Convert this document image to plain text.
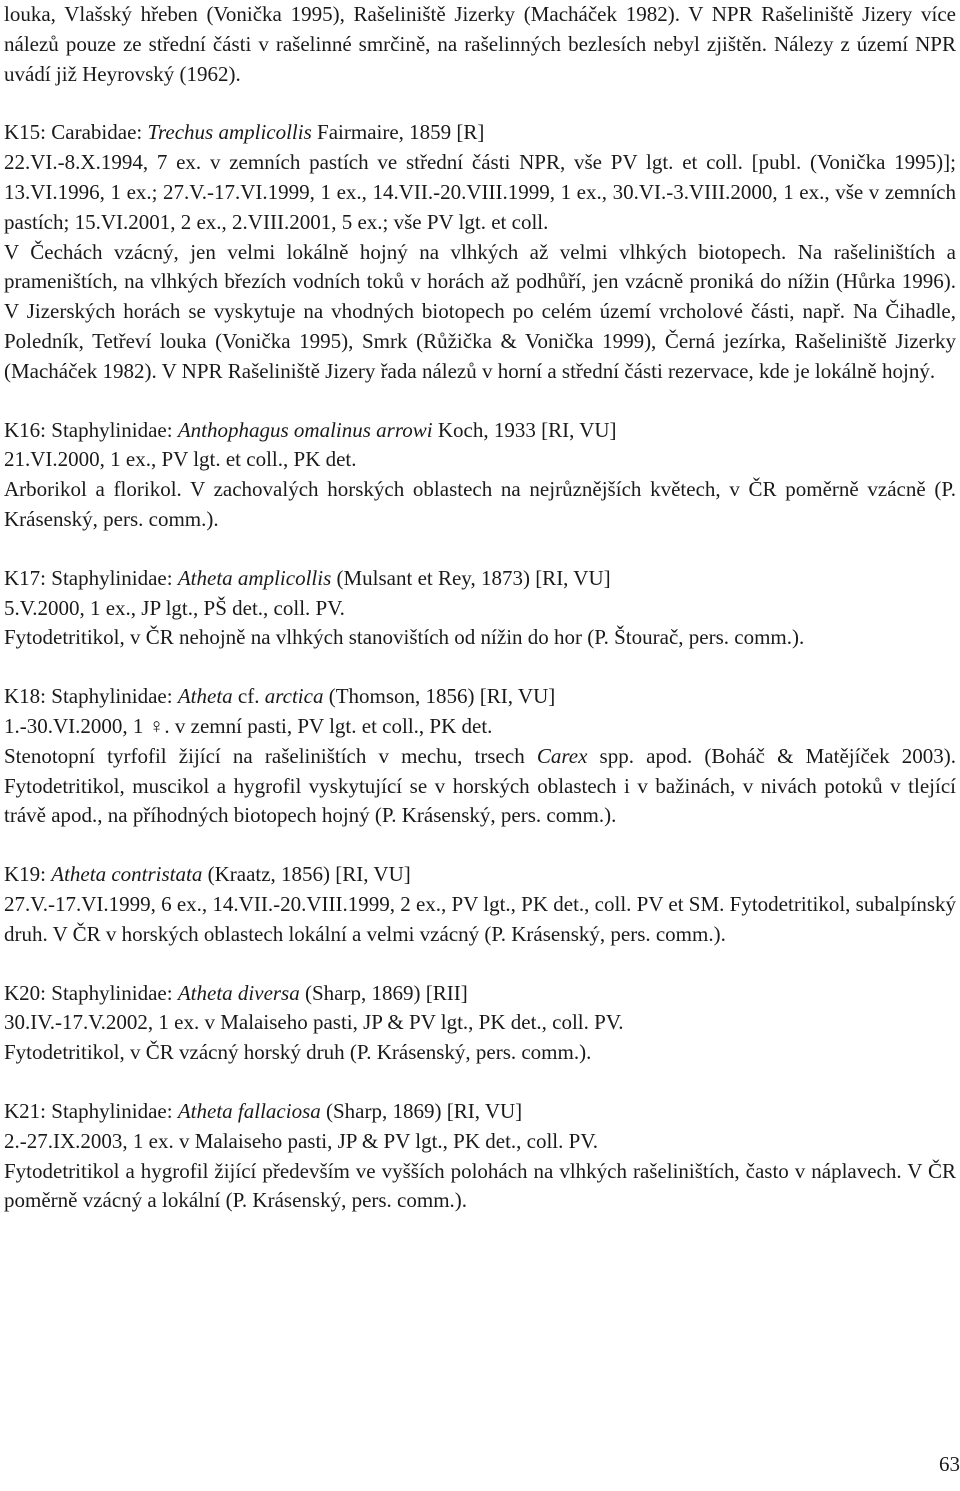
louka, Vlašský hřeben (Vonička 1995), Rašeliniště Jizerky (Macháček 1982). V NPR Rašeliniště Jizery více nálezů pouze ze střední části v rašelinné smrčině, na rašelinných bezlesích nebyl zjištěn. Nálezy z území NPR uvádí již Heyrovský (1962).

K15: Carabidae: Trechus amplicollis Fairmaire, 1859 [R]

22.VI.-8.X.1994, 7 ex. v zemních pastích ve střední části NPR, vše PV lgt. et coll. [publ. (Vonička 1995)]; 13.VI.1996, 1 ex.; 27.V.-17.VI.1999, 1 ex., 14.VII.-20.VIII.1999, 1 ex., 30.VI.-3.VIII.2000, 1 ex., vše v zemních pastích; 15.VI.2001, 2 ex., 2.VIII.2001, 5 ex.; vše PV lgt. et coll.

V Čechách vzácný, jen velmi lokálně hojný na vlhkých až velmi vlhkých biotopech. Na rašeliništích a prameništích, na vlhkých březích vodních toků v horách až podhůří, jen vzácně proniká do nížin (Hůrka 1996). V Jizerských horách se vyskytuje na vhodných biotopech po celém území vrcholové části, např. Na Čihadle, Poledník, Tetřeví louka (Vonička 1995), Smrk (Růžička & Vonička 1999), Černá jezírka, Rašeliniště Jizerky (Macháček 1982). V NPR Rašeliniště Jizery řada nálezů v horní a střední části rezervace, kde je lokálně hojný.

K16: Staphylinidae: Anthophagus omalinus arrowi Koch, 1933 [RI, VU]

21.VI.2000, 1 ex., PV lgt. et coll., PK det.

Arborikol a florikol. V zachovalých horských oblastech na nejrůznějších květech, v ČR poměrně vzácně (P. Krásenský, pers. comm.).

K17: Staphylinidae: Atheta amplicollis (Mulsant et Rey, 1873) [RI, VU]

5.V.2000, 1 ex., JP lgt., PŠ det., coll. PV.

Fytodetritikol, v ČR nehojně na vlhkých stanovištích od nížin do hor (P. Štourač, pers. comm.).

K18: Staphylinidae: Atheta cf. arctica (Thomson, 1856) [RI, VU]

1.-30.VI.2000, 1 ♀. v zemní pasti, PV lgt. et coll., PK det.

Stenotopní tyrfofil žijící na rašeliništích v mechu, trsech Carex spp. apod. (Boháč & Matějíček 2003). Fytodetritikol, muscikol a hygrofil vyskytující se v horských oblastech i v bažinách, v nivách potoků v tlející trávě apod., na příhodných biotopech hojný (P. Krásenský, pers. comm.).

K19: Atheta contristata (Kraatz, 1856) [RI, VU]

27.V.-17.VI.1999, 6 ex., 14.VII.-20.VIII.1999, 2 ex., PV lgt., PK det., coll. PV et SM. Fytodetritikol, subalpínský druh. V ČR v horských oblastech lokální a velmi vzácný (P. Krásenský, pers. comm.).

K20: Staphylinidae: Atheta diversa (Sharp, 1869) [RII]

30.IV.-17.V.2002, 1 ex. v Malaiseho pasti, JP & PV lgt., PK det., coll. PV.

Fytodetritikol, v ČR vzácný horský druh (P. Krásenský, pers. comm.).

K21: Staphylinidae: Atheta fallaciosa (Sharp, 1869) [RI, VU]

2.-27.IX.2003, 1 ex. v Malaiseho pasti, JP & PV lgt., PK det., coll. PV.

Fytodetritikol a hygrofil žijící především ve vyšších polohách na vlhkých rašeliništích, často v náplavech. V ČR poměrně vzácný a lokální (P. Krásenský, pers. comm.).

63
